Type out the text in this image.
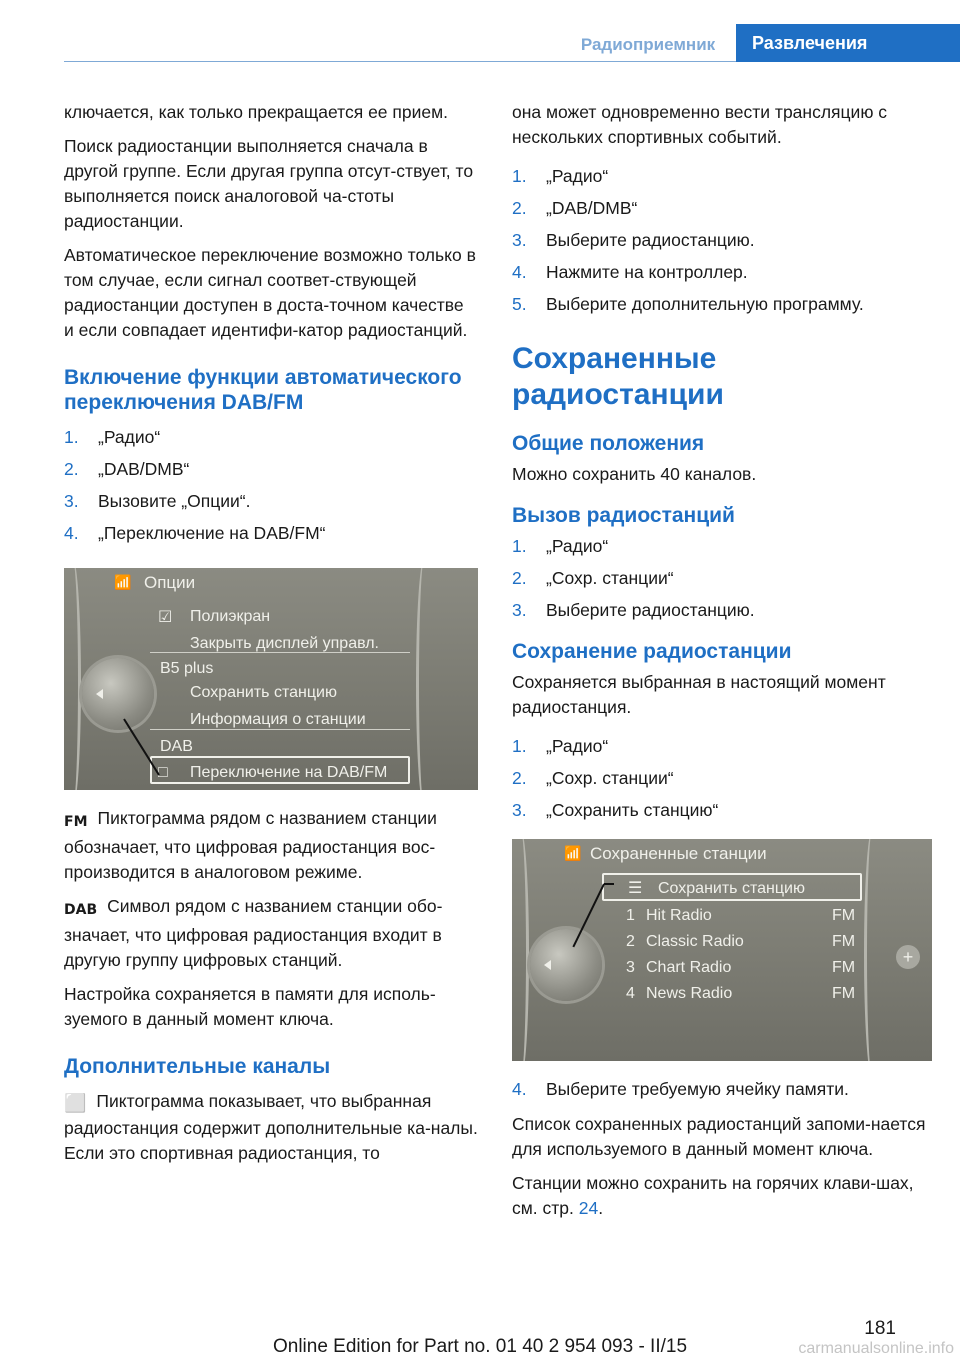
Радиоприемник	Развлечения

ключается, как только прекращается ее прием.

Поиск радиостанции выполняется сначала в другой группе. Если другая группа отсут-ствует, то выполняется поиск аналоговой ча-стоты радиостанции.

Автоматическое переключение возможно только в том случае, если сигнал соответ-ствующей радиостанции доступен в доста-точном качестве и если совпадает идентифи-катор радиостанций.

Включение функции автоматического переключения DAB/FM
1. „Радио“
2. „DAB/DMB“
3. Вызовите „Опции“.
4. „Переключение на DAB/FM“
📶 Опции
☑ Полиэкран
Закрыть дисплей управл.
B5 plus
Сохранить станцию
Информация о станции
DAB
□ Переключение на DAB/FM

FM Пиктограмма рядом с названием станции обозначает, что цифровая радиостанция вос-производится в аналоговом режиме.

DAB Символ рядом с названием станции обо-значает, что цифровая радиостанция входит в другую группу цифровых станций.

Настройка сохраняется в памяти для исполь-зуемого в данный момент ключа.

Дополнительные каналы

⬜ Пиктограмма показывает, что выбранная радиостанция содержит дополнительные ка-налы. Если это спортивная радиостанция, то

она может одновременно вести трансляцию с нескольких спортивных событий.

1. „Радио“
2. „DAB/DMB“
3. Выберите радиостанцию.
4. Нажмите на контроллер.
5. Выберите дополнительную программу.
Сохраненные радиостанции
Общие положения

Можно сохранить 40 каналов.

Вызов радиостанций
1. „Радио“
2. „Сохр. станции“
3. Выберите радиостанцию.
Сохранение радиостанции

Сохраняется выбранная в настоящий момент радиостанция.

1. „Радио“
2. „Сохр. станции“
3. „Сохранить станцию“
📶 Сохраненные станции
☰ Сохранить станцию
1 Hit Radio	FM
2 Classic Radio	FM
3 Chart Radio	FM
4 News Radio	FM
+
4. Выберите требуемую ячейку памяти.

Список сохраненных радиостанций запоми-нается для используемого в данный момент ключа.

Станции можно сохранить на горячих клави-шах, см. стр. 24.

181
Online Edition for Part no. 01 40 2 954 093 - II/15	carmanualsonline.info
